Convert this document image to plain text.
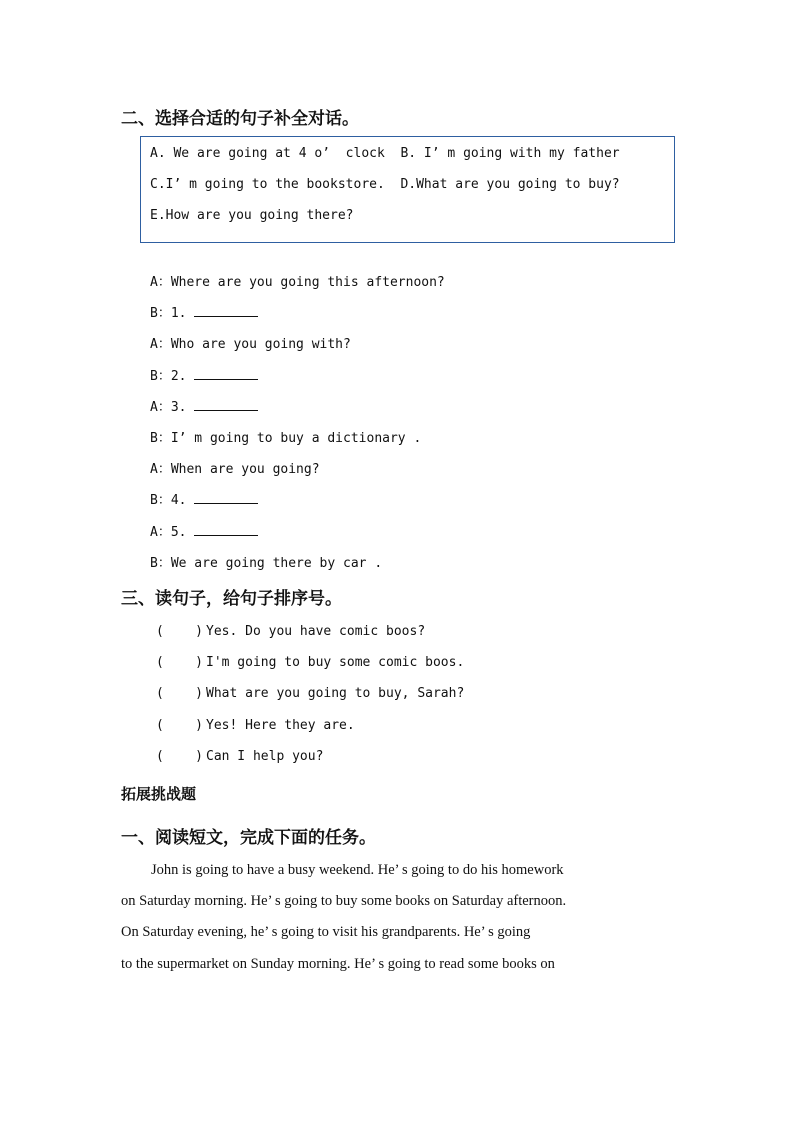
二、选择合适的句子补全对话。
A. We are going at 4 o’  clock  B. I’ m going with my father
C.I’ m going to the bookstore.  D.What are you going to buy?
E.How are you going there?
A：Where are you going this afternoon?
B：1.
A：Who are you going with?
B：2.
A：3.
B：I’ m going to buy a dictionary .
A：When are you going?
B：4.
A：5.
B：We are going there by car .
三、读句子，给句子排序号。
(    ) Yes. Do you have comic boos?
(    ) I'm going to buy some comic boos.
(    ) What are you going to buy, Sarah?
(    ) Yes! Here they are.
(    ) Can I help you?
拓展挑战题
一、阅读短文，完成下面的任务。
John is going to have a busy weekend. He’ s going to do his homework
on Saturday morning. He’ s going to buy some books on Saturday afternoon.
On Saturday evening, he’ s going to visit his grandparents. He’ s going
to the supermarket on Sunday morning. He’ s going to read some books on
